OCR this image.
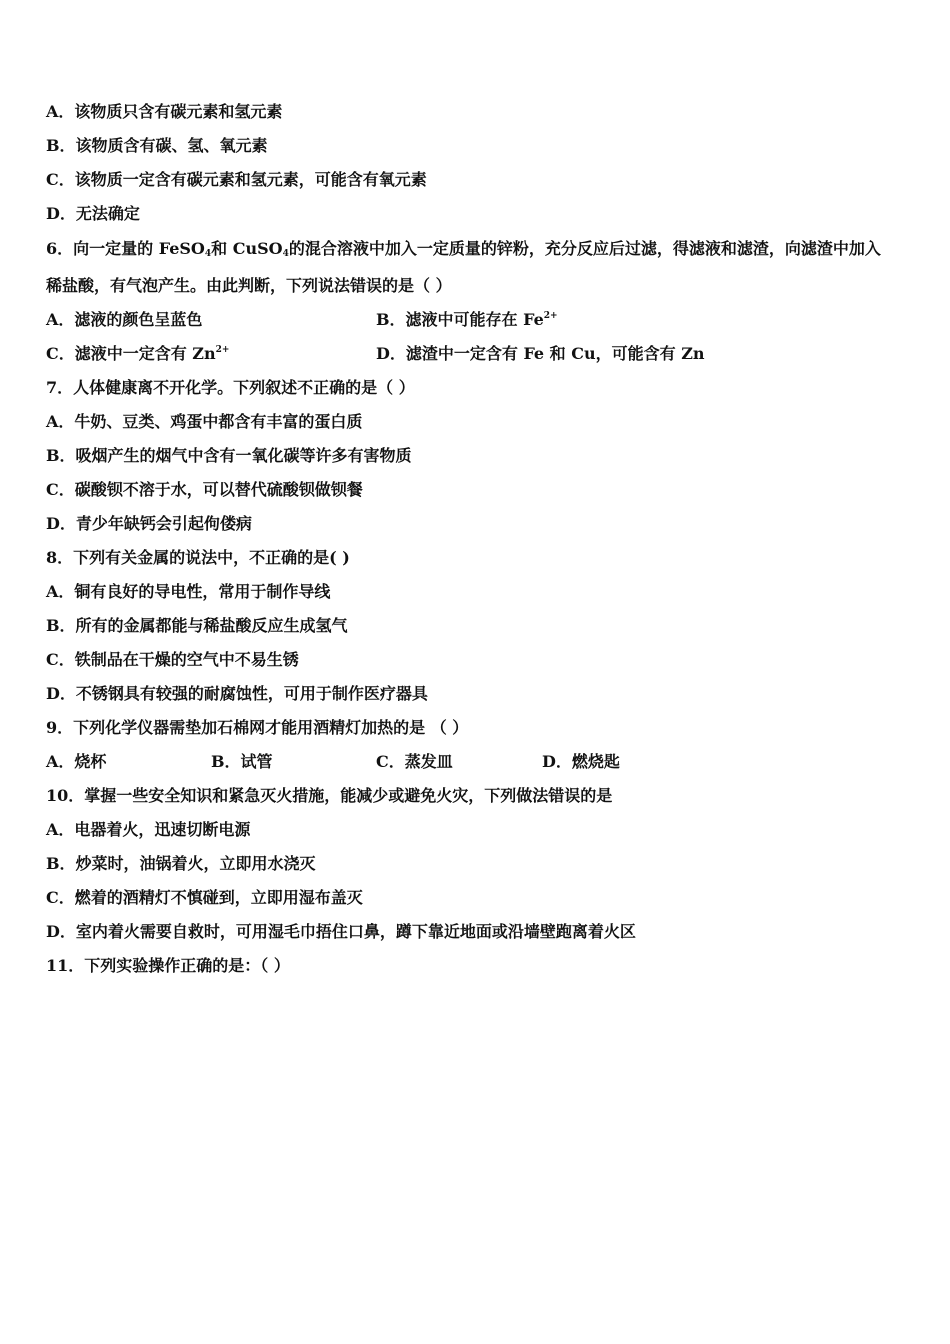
A．该物质只含有碳元素和氢元素
B．该物质含有碳、氢、氧元素
C．该物质一定含有碳元素和氢元素，可能含有氧元素
D．无法确定
6．向一定量的 FeSO$_4$和 CuSO$_4$的混合溶液中加入一定质量的锌粉，充分反应后过滤，得滤液和滤渣，向滤渣中加入
稀盐酸，有气泡产生。由此判断，下列说法错误的是（ ）
A．滤液的颜色呈蓝色	B．滤液中可能存在 $Fe^{2+}$
C．滤液中一定含有 $Zn^{2+}$	D．滤渣中一定含有 Fe 和 Cu，可能含有 Zn
7．人体健康离不开化学。下列叙述不正确的是（ ）
A．牛奶、豆类、鸡蛋中都含有丰富的蛋白质
B．吸烟产生的烟气中含有一氧化碳等许多有害物质
C．碳酸钡不溶于水，可以替代硫酸钡做钡餐
D．青少年缺钙会引起佝偻病
8．下列有关金属的说法中，不正确的是( )
A．铜有良好的导电性，常用于制作导线
B．所有的金属都能与稀盐酸反应生成氢气
C．铁制品在干燥的空气中不易生锈
D．不锈钢具有较强的耐腐蚀性，可用于制作医疗器具
9．下列化学仪器需垫加石棉网才能用酒精灯加热的是 （ ）
A．烧杯	B．试管	C．蒸发皿	D．燃烧匙
10．掌握一些安全知识和紧急灭火措施，能减少或避免火灾，下列做法错误的是
A．电器着火，迅速切断电源
B．炒菜时，油锅着火，立即用水浇灭
C．燃着的酒精灯不慎碰到，立即用湿布盖灭
D．室内着火需要自救时，可用湿毛巾捂住口鼻，蹲下靠近地面或沿墙壁跑离着火区
11．下列实验操作正确的是：（ ）
